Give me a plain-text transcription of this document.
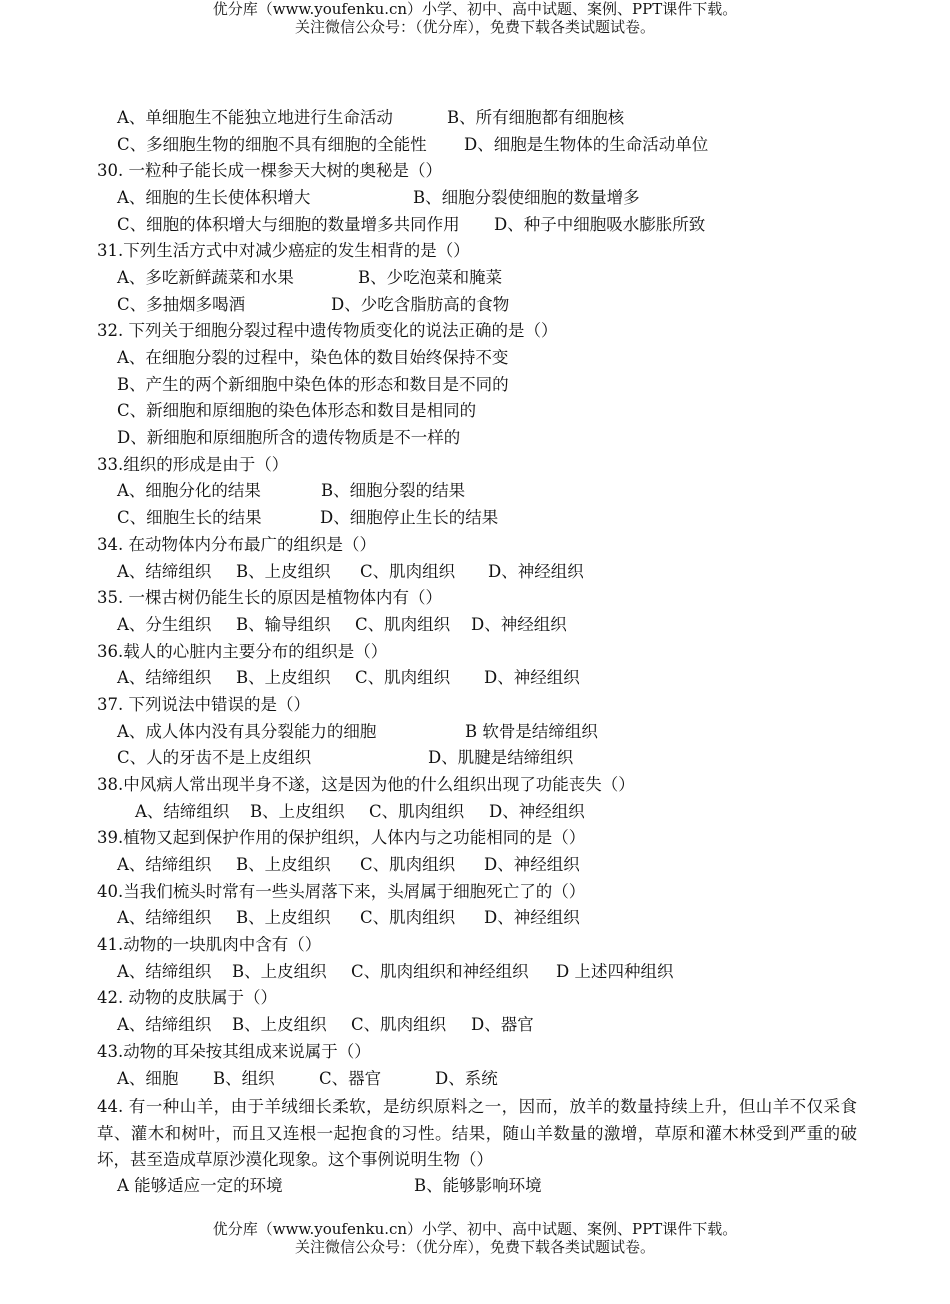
优分库（www.youfenku.cn）小学、初中、高中试题、案例、PPT课件下载。
关注微信公众号：（优分库），免费下载各类试题试卷。
A、单细胞生不能独立地进行生命活动	B、所有细胞都有细胞核
C、多细胞生物的细胞不具有细胞的全能性 D、细胞是生物体的生命活动单位
30. 一粒种子能长成一棵参天大树的奥秘是（）
A、细胞的生长使体积增大	B、细胞分裂使细胞的数量增多
C、细胞的体积增大与细胞的数量增多共同作用 D、种子中细胞吸水膨胀所致
31.下列生活方式中对减少癌症的发生相背的是（）
A、多吃新鲜蔬菜和水果	B、少吃泡菜和腌菜
C、多抽烟多喝酒	D、少吃含脂肪高的食物
32. 下列关于细胞分裂过程中遗传物质变化的说法正确的是（）
A、在细胞分裂的过程中，染色体的数目始终保持不变
B、产生的两个新细胞中染色体的形态和数目是不同的
C、新细胞和原细胞的染色体形态和数目是相同的
D、新细胞和原细胞所含的遗传物质是不一样的
33.组织的形成是由于（）
A、细胞分化的结果	B、细胞分裂的结果
C、细胞生长的结果	D、细胞停止生长的结果
34. 在动物体内分布最广的组织是（）
A、结缔组织 B、上皮组织 C、肌肉组织 D、神经组织
35. 一棵古树仍能生长的原因是植物体内有（）
A、分生组织 B、输导组织 C、肌肉组织 D、神经组织
36.载人的心脏内主要分布的组织是（）
A、结缔组织 B、上皮组织 C、肌肉组织 D、神经组织
37. 下列说法中错误的是（）
A、成人体内没有具分裂能力的细胞	B 软骨是结缔组织
C、人的牙齿不是上皮组织	D、肌腱是结缔组织
38.中风病人常出现半身不遂，这是因为他的什么组织出现了功能丧失（）
A、结缔组织 B、上皮组织 C、肌肉组织 D、神经组织
39.植物又起到保护作用的保护组织，人体内与之功能相同的是（）
A、结缔组织 B、上皮组织 C、肌肉组织 D、神经组织
40.当我们梳头时常有一些头屑落下来，头屑属于细胞死亡了的（）
A、结缔组织 B、上皮组织 C、肌肉组织 D、神经组织
41.动物的一块肌肉中含有（）
A、结缔组织 B、上皮组织 C、肌肉组织和神经组织 D 上述四种组织
42. 动物的皮肤属于（）
A、结缔组织 B、上皮组织 C、肌肉组织 D、器官
43.动物的耳朵按其组成来说属于（）
A、细胞 B、组织	C、器官	D、系统

44. 有一种山羊，由于羊绒细长柔软，是纺织原料之一，因而，放羊的数量持续上升，但山羊不仅采食草、灌木和树叶，而且又连根一起抱食的习性。结果，随山羊数量的激增，草原和灌木林受到严重的破坏，甚至造成草原沙漠化现象。这个事例说明生物（）

A 能够适应一定的环境	B、能够影响环境
优分库（www.youfenku.cn）小学、初中、高中试题、案例、PPT课件下载。
关注微信公众号：（优分库），免费下载各类试题试卷。
